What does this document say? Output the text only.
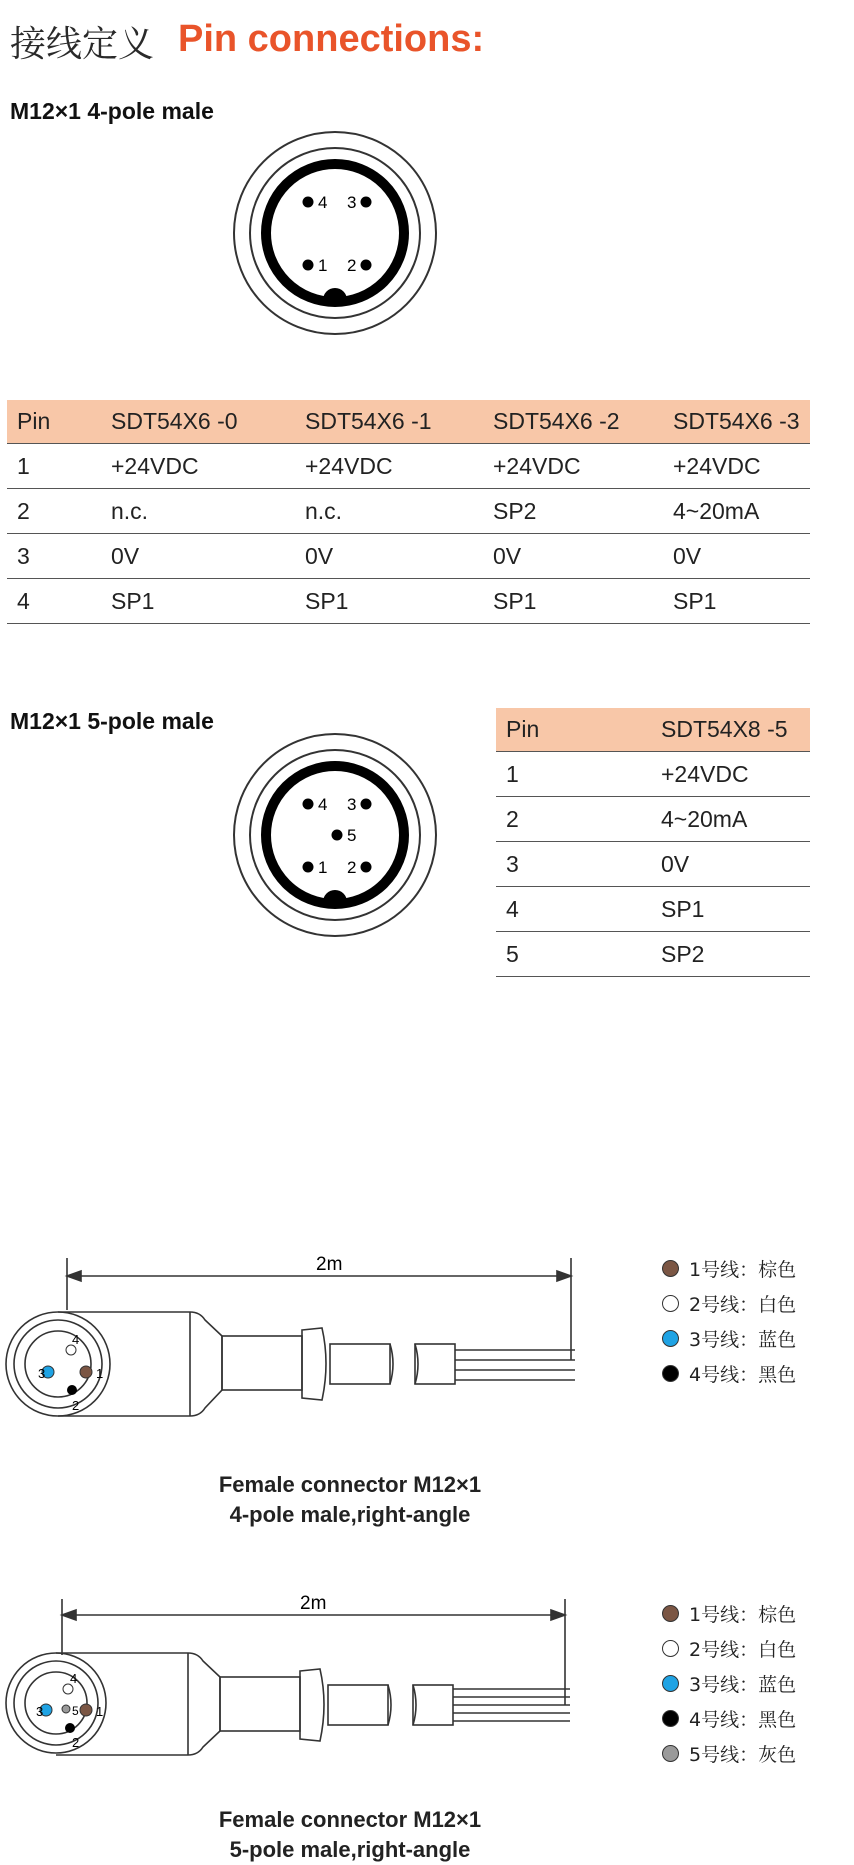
接线定义 Pin connections:
M12×1 4-pole male
4 3
1 2
Pin	SDT54X6 -0	SDT54X6 -1	SDT54X6 -2	SDT54X6 -3
1	+24VDC	+24VDC	+24VDC	+24VDC
2	n.c.	n.c.	SP2	4~20mA
3	0V	0V	0V	0V
4	SP1	SP1	SP1	SP1
M12×1 5-pole male
4 3
5
1 2
Pin	SDT54X8 -5
1	+24VDC
2	4~20mA
3	0V
4	SP1
5	SP2
3	1
4
2
2m	1号线：棕色
2号线：白色
3号线：蓝色
4号线：黑色
Female connector M12×1
4-pole male,right-angle
3	1
4
5
2
2m
1号线：棕色
2号线：白色
3号线：蓝色
4号线：黑色
5号线：灰色
Female connector M12×1
5-pole male,right-angle
